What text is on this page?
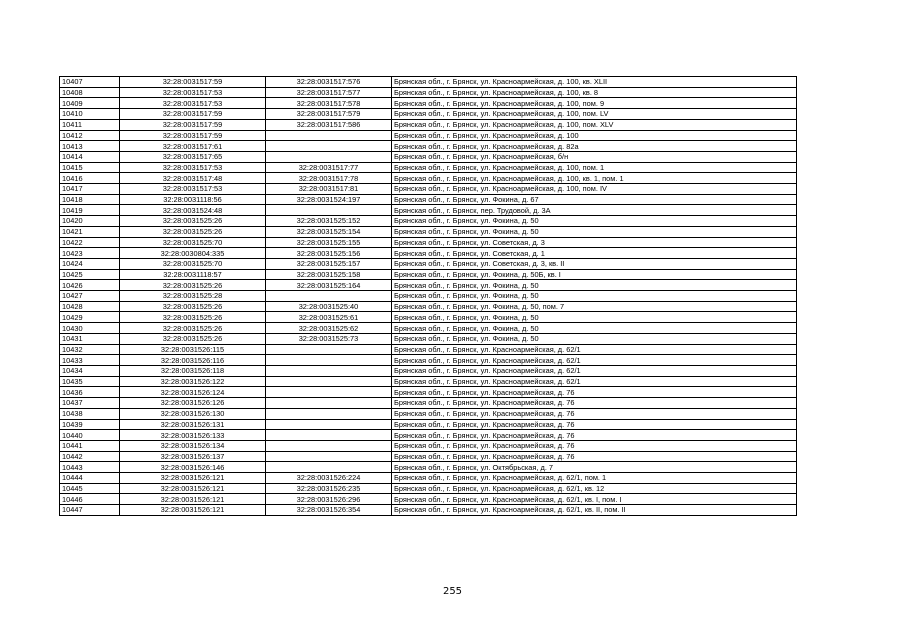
10407	32:28:0031517:59	32:28:0031517:576	Брянская обл., г. Брянск, ул. Красноармейская, д. 100, кв. XLII
10408	32:28:0031517:53	32:28:0031517:577	Брянская обл., г. Брянск, ул. Красноармейская, д. 100, кв. 8
10409	32:28:0031517:53	32:28:0031517:578	Брянская обл., г. Брянск, ул. Красноармейская, д. 100, пом. 9
10410	32:28:0031517:59	32:28:0031517:579	Брянская обл., г. Брянск, ул. Красноармейская, д. 100, пом. LV
10411	32:28:0031517:59	32:28:0031517:586	Брянская обл., г. Брянск, ул. Красноармейская, д. 100, пом. XLV
10412	32:28:0031517:59		Брянская обл., г. Брянск, ул. Красноармейская, д. 100
10413	32:28:0031517:61		Брянская обл., г. Брянск, ул. Красноармейская, д. 82а
10414	32:28:0031517:65		Брянская обл., г. Брянск, ул. Красноармейская, б/н
10415	32:28:0031517:53	32:28:0031517:77	Брянская обл., г. Брянск, ул. Красноармейская, д. 100, пом. 1
10416	32:28:0031517:48	32:28:0031517:78	Брянская обл., г. Брянск, ул. Красноармейская, д. 100, кв. 1, пом. 1
10417	32:28:0031517:53	32:28:0031517:81	Брянская обл., г. Брянск, ул. Красноармейская, д. 100, пом. IV
10418	32:28:0031118:56	32:28:0031524:197	Брянская обл., г. Брянск, ул. Фокина, д. 67
10419	32:28:0031524:48		Брянская обл., г. Брянск, пер. Трудовой, д. 3А
10420	32:28:0031525:26	32:28:0031525:152	Брянская обл., г. Брянск, ул. Фокина, д. 50
10421	32:28:0031525:26	32:28:0031525:154	Брянская обл., г. Брянск, ул. Фокина, д. 50
10422	32:28:0031525:70	32:28:0031525:155	Брянская обл., г. Брянск, ул. Советская, д. 3
10423	32:28:0030804:335	32:28:0031525:156	Брянская обл., г. Брянск, ул. Советская, д. 1
10424	32:28:0031525:70	32:28:0031525:157	Брянская обл., г. Брянск, ул. Советская, д. 3, кв. II
10425	32:28:0031118:57	32:28:0031525:158	Брянская обл., г. Брянск, ул. Фокина, д. 50Б, кв. I
10426	32:28:0031525:26	32:28:0031525:164	Брянская обл., г. Брянск, ул. Фокина, д. 50
10427	32:28:0031525:28		Брянская обл., г. Брянск, ул. Фокина, д. 50
10428	32:28:0031525:26	32:28:0031525:40	Брянская обл., г. Брянск, ул. Фокина, д. 50, пом. 7
10429	32:28:0031525:26	32:28:0031525:61	Брянская обл., г. Брянск, ул. Фокина, д. 50
10430	32:28:0031525:26	32:28:0031525:62	Брянская обл., г. Брянск, ул. Фокина, д. 50
10431	32:28:0031525:26	32:28:0031525:73	Брянская обл., г. Брянск, ул. Фокина, д. 50
10432	32:28:0031526:115		Брянская обл., г. Брянск, ул. Красноармейская, д. 62/1
10433	32:28:0031526:116		Брянская обл., г. Брянск, ул. Красноармейская, д. 62/1
10434	32:28:0031526:118		Брянская обл., г. Брянск, ул. Красноармейская, д. 62/1
10435	32:28:0031526:122		Брянская обл., г. Брянск, ул. Красноармейская, д. 62/1
10436	32:28:0031526:124		Брянская обл., г. Брянск, ул. Красноармейская, д. 76
10437	32:28:0031526:126		Брянская обл., г. Брянск, ул. Красноармейская, д. 76
10438	32:28:0031526:130		Брянская обл., г. Брянск, ул. Красноармейская, д. 76
10439	32:28:0031526:131		Брянская обл., г. Брянск, ул. Красноармейская, д. 76
10440	32:28:0031526:133		Брянская обл., г. Брянск, ул. Красноармейская, д. 76
10441	32:28:0031526:134		Брянская обл., г. Брянск, ул. Красноармейская, д. 76
10442	32:28:0031526:137		Брянская обл., г. Брянск, ул. Красноармейская, д. 76
10443	32:28:0031526:146		Брянская обл., г. Брянск, ул. Октябрьская, д. 7
10444	32:28:0031526:121	32:28:0031526:224	Брянская обл., г. Брянск, ул. Красноармейская, д. 62/1, пом. 1
10445	32:28:0031526:121	32:28:0031526:235	Брянская обл., г. Брянск, ул. Красноармейская, д. 62/1, кв. 12
10446	32:28:0031526:121	32:28:0031526:296	Брянская обл., г. Брянск, ул. Красноармейская, д. 62/1, кв. I, пом. I
10447	32:28:0031526:121	32:28:0031526:354	Брянская обл., г. Брянск, ул. Красноармейская, д. 62/1, кв. II, пом. II
255
